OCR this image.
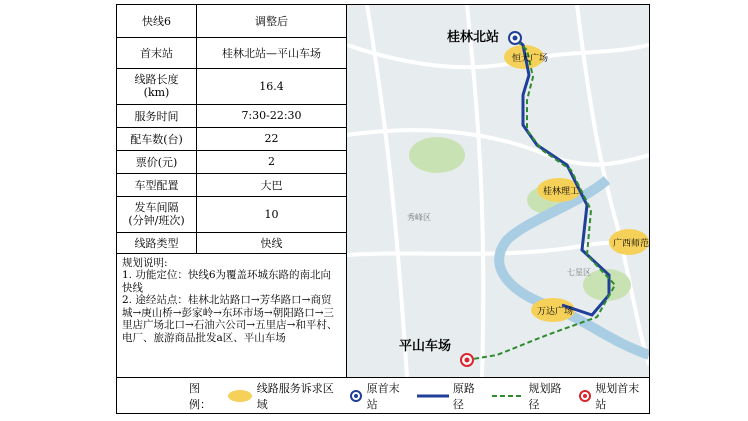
快线6	调整后
首末站	桂林北站—平山车场
线路长度
(km)	16.4
服务时间	7:30-22:30
配车数(台)	22
票价(元)	2
车型配置	大巴
发车间隔
(分钟/班次)	10
线路类型	快线
规划说明:
1. 功能定位：快线6为覆盖环城东路的南北向快线
2. 途经站点：桂林北站路口→芳华路口→商贸城→庚山桥→彭家岭→东环市场→朝阳路口→三里店广场北口→石油六公司→五里店→和平村、电厂、旅游商品批发a区、平山车场
桂林北站
平山车场
恒大广场
桂林理工
广西师范
万达广场
秀峰区
七星区
图例：
线路服务诉求区域
原首末站
原路径
规划路径
规划首末站
